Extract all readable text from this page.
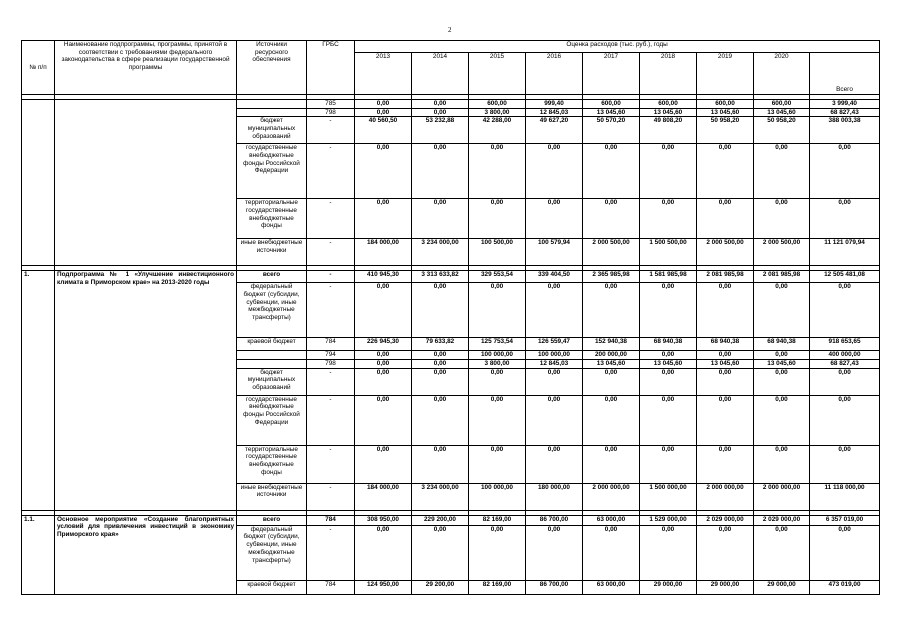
2
№ п/п	Наименование подпрограммы, программы, принятой в соответствии с требованиями федерального законодательства в сфере реализации государственной программы	Источники ресурсного обеспечения	ГРБС	Оценка расходов (тыс. руб.), годы								
				2013	2014	2015	2016	2017	2018	2019	2020	Всего

			785	0,00	0,00	600,00	999,40	600,00	600,00	600,00	600,00	3 999,40
			798	0,00	0,00	3 800,00	12 845,03	13 045,60	13 045,60	13 045,60	13 045,60	68 827,43
		бюджет муниципальных образований	-	40 560,50	53 232,88	42 288,00	49 627,20	50 570,20	49 808,20	50 958,20	50 958,20	388 003,38
		государственные внебюджетные фонды Российской Федерации	-	0,00	0,00	0,00	0,00	0,00	0,00	0,00	0,00	0,00
		территориальные государственные внебюджетные фонды	-	0,00	0,00	0,00	0,00	0,00	0,00	0,00	0,00	0,00
		иные внебюджетные источники	-	184 000,00	3 234 000,00	100 500,00	100 579,94	2 000 500,00	1 500 500,00	2 000 500,00	2 000 500,00	11 121 079,94

1.	Подпрограмма № 1 «Улучшение инвестиционного климата в Приморском крае» на 2013-2020 годы	всего	-	410 945,30	3 313 633,82	329 553,54	339 404,50	2 365 985,98	1 581 985,98	2 081 985,98	2 081 985,98	12 505 481,08
		федеральный бюджет (субсидии, субвенции, иные межбюджетные трансферты)	-	0,00	0,00	0,00	0,00	0,00	0,00	0,00	0,00	0,00
		краевой бюджет	784	226 945,30	79 633,82	125 753,54	126 559,47	152 940,38	68 940,38	68 940,38	68 940,38	918 653,65
			794	0,00	0,00	100 000,00	100 000,00	200 000,00	0,00	0,00	0,00	400 000,00
			798	0,00	0,00	3 800,00	12 845,03	13 045,60	13 045,60	13 045,60	13 045,60	68 827,43
		бюджет муниципальных образований	-	0,00	0,00	0,00	0,00	0,00	0,00	0,00	0,00	0,00
		государственные внебюджетные фонды Российской Федерации	-	0,00	0,00	0,00	0,00	0,00	0,00	0,00	0,00	0,00
		территориальные государственные внебюджетные фонды	-	0,00	0,00	0,00	0,00	0,00	0,00	0,00	0,00	0,00
		иные внебюджетные источники	-	184 000,00	3 234 000,00	100 000,00	180 000,00	2 000 000,00	1 500 000,00	2 000 000,00	2 000 000,00	11 118 000,00

1.1.	Основное мероприятие «Создание благоприятных условий для привлечения инвестиций в экономику Приморского края»	всего	784	308 950,00	229 200,00	82 169,00	86 700,00	63 000,00	1 529 000,00	2 029 000,00	2 029 000,00	6 357 019,00
		федеральный бюджет (субсидии, субвенции, иные межбюджетные трансферты)	-	0,00	0,00	0,00	0,00	0,00	0,00	0,00	0,00	0,00
		краевой бюджет	784	124 950,00	29 200,00	82 169,00	86 700,00	63 000,00	29 000,00	29 000,00	29 000,00	473 019,00
